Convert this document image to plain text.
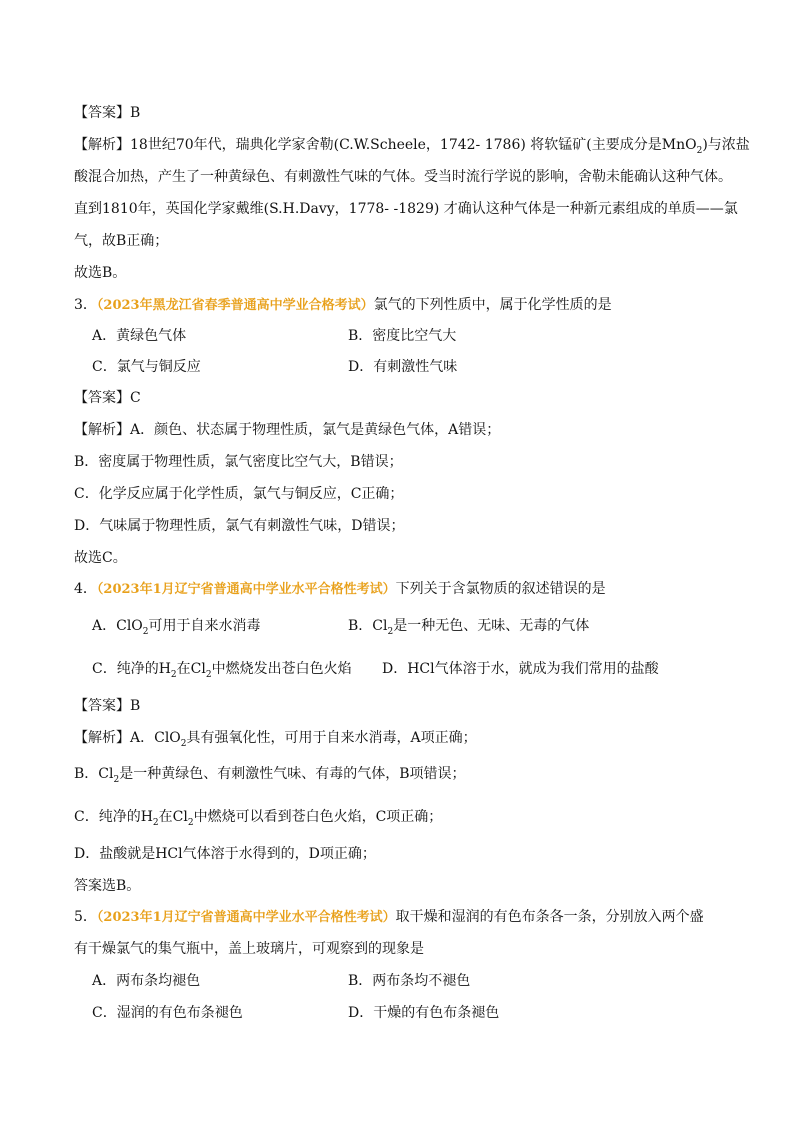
【答案】B
【解析】18世纪70年代，瑞典化学家舍勒(C.W.Scheele，1742- 1786) 将软锰矿(主要成分是MnO$_2$)与浓盐
酸混合加热，产生了一种黄绿色、有刺激性气味的气体。受当时流行学说的影响，舍勒未能确认这种气体。
直到1810年，英国化学家戴维(S.H.Davy，1778- -1829) 才确认这种气体是一种新元素组成的单质——氯
气，故B正确；
故选B。
3．（2023年黑龙江省春季普通高中学业合格考试）氯气的下列性质中，属于化学性质的是
A．黄绿色气体	B．密度比空气大
C．氯气与铜反应	D．有刺激性气味
【答案】C
【解析】A．颜色、状态属于物理性质，氯气是黄绿色气体，A错误；
B．密度属于物理性质，氯气密度比空气大，B错误；
C．化学反应属于化学性质，氯气与铜反应，C正确；
D．气味属于物理性质，氯气有刺激性气味，D错误；
故选C。
4．（2023年1月辽宁省普通高中学业水平合格性考试）下列关于含氯物质的叙述错误的是
A．ClO$_2$可用于自来水消毒	B．$Cl_2$是一种无色、无味、无毒的气体
C．纯净的$H_2$在$Cl_2$中燃烧发出苍白色火焰 D．HCl气体溶于水，就成为我们常用的盐酸
【答案】B
【解析】A．ClO$_2$具有强氧化性，可用于自来水消毒，A项正确；
B．$Cl_2$是一种黄绿色、有刺激性气味、有毒的气体，B项错误；
C．纯净的$H_2$在$Cl_2$中燃烧可以看到苍白色火焰，C项正确；
D．盐酸就是HCl气体溶于水得到的，D项正确；
答案选B。
5．（2023年1月辽宁省普通高中学业水平合格性考试）取干燥和湿润的有色布条各一条，分别放入两个盛
有干燥氯气的集气瓶中，盖上玻璃片，可观察到的现象是
A．两布条均褪色	B．两布条均不褪色
C．湿润的有色布条褪色	D．干燥的有色布条褪色
